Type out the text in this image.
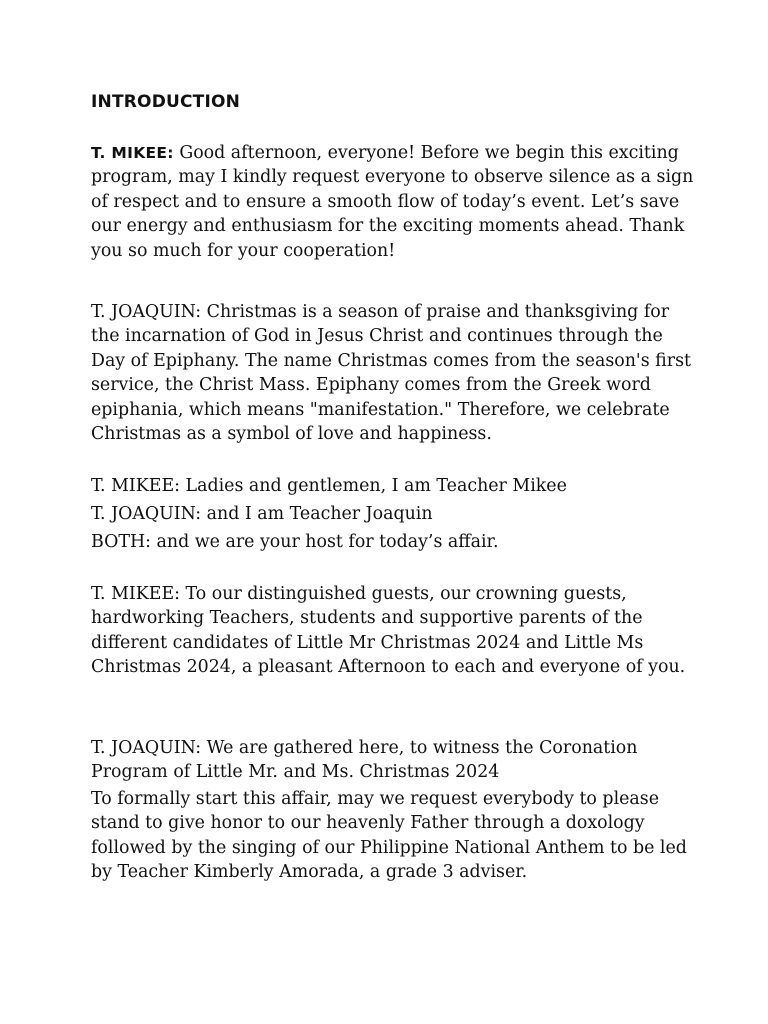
INTRODUCTION

T. MIKEE: Good afternoon, everyone! Before we begin this exciting program, may I kindly request everyone to observe silence as a sign of respect and to ensure a smooth flow of today’s event. Let’s save our energy and enthusiasm for the exciting moments ahead. Thank you so much for your cooperation!

T. JOAQUIN: Christmas is a season of praise and thanksgiving for the incarnation of God in Jesus Christ and continues through the Day of Epiphany. The name Christmas comes from the season's first service, the Christ Mass. Epiphany comes from the Greek word epiphania, which means "manifestation." Therefore, we celebrate Christmas as a symbol of love and happiness.

T. MIKEE: Ladies and gentlemen, I am Teacher Mikee

T. JOAQUIN: and I am Teacher Joaquin

BOTH: and we are your host for today’s affair.

T. MIKEE: To our distinguished guests, our crowning guests, hardworking Teachers, students and supportive parents of the different candidates of Little Mr Christmas 2024 and Little Ms Christmas 2024, a pleasant Afternoon to each and everyone of you.

T. JOAQUIN: We are gathered here, to witness the Coronation Program of Little Mr. and Ms. Christmas 2024

To formally start this affair, may we request everybody to please stand to give honor to our heavenly Father through a doxology followed by the singing of our Philippine National Anthem to be led by Teacher Kimberly Amorada, a grade 3 adviser.
